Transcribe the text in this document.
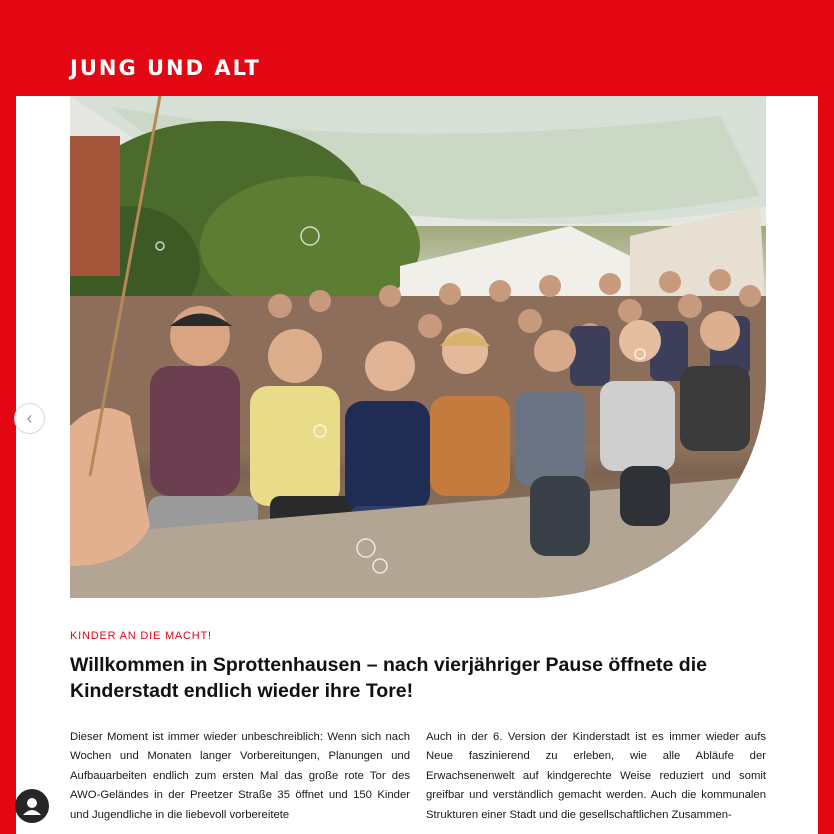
JUNG UND ALT
KINDER AN DIE MACHT!
Willkommen in Sprottenhausen – nach vierjähriger Pause öffnete die Kinderstadt endlich wieder ihre Tore!
Dieser Moment ist immer wieder unbeschreiblich: Wenn sich nach Wochen und Monaten langer Vorbereitungen, Planungen und Aufbauarbeiten endlich zum ersten Mal das große rote Tor des AWO-Geländes in der Preetzer Straße 35 öffnet und 150 Kinder und Jugendliche in die liebevoll vorbereitete
Auch in der 6. Version der Kinderstadt ist es immer wieder aufs Neue faszinierend zu erleben, wie alle Abläufe der Erwachsenenwelt auf kindgerechte Weise reduziert und somit greifbar und verständlich gemacht werden. Auch die kommunalen Strukturen einer Stadt und die gesellschaftlichen Zusammen-
‹
